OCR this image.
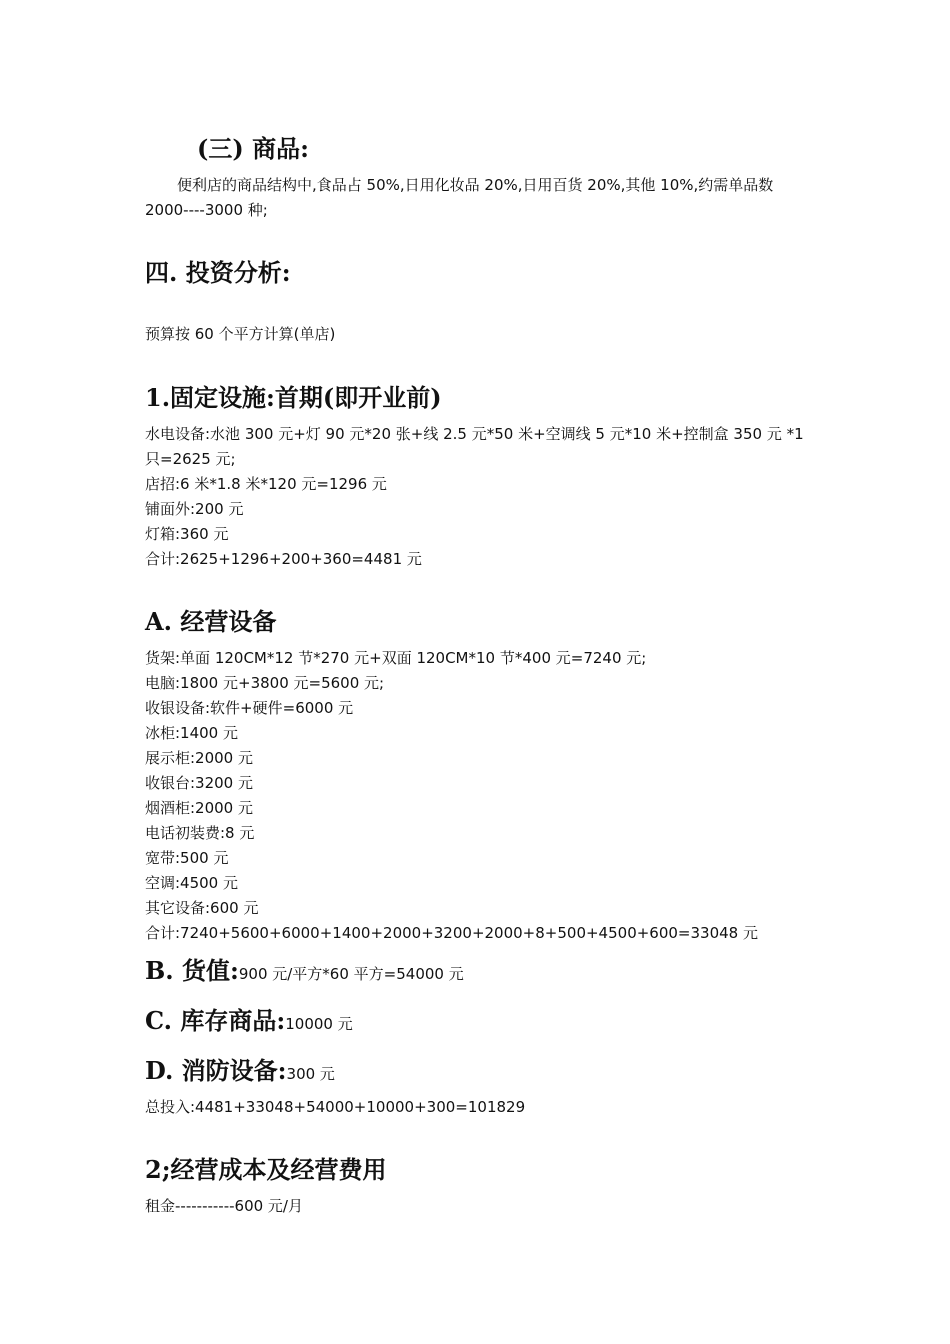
(三) 商品:

便利店的商品结构中,食品占 50%,日用化妆品 20%,日用百货 20%,其他 10%,约需单品数 2000----3000 种;

四. 投资分析:

预算按 60 个平方计算(单店)

1.固定设施:首期(即开业前)

水电设备:水池 300 元+灯 90 元*20 张+线 2.5 元*50 米+空调线 5 元*10 米+控制盒 350 元 *1 只=2625 元;

店招:6 米*1.8 米*120 元=1296 元

铺面外:200 元

灯箱:360 元

合计:2625+1296+200+360=4481 元

A. 经营设备
货架:单面 120CM*12 节*270 元+双面 120CM*10 节*400 元=7240 元;
电脑:1800 元+3800 元=5600 元;
收银设备:软件+硬件=6000 元
冰柜:1400 元
展示柜:2000 元
收银台:3200 元
烟酒柜:2000 元
电话初装费:8 元
宽带:500 元
空调:4500 元
其它设备:600 元
合计:7240+5600+6000+1400+2000+3200+2000+8+500+4500+600=33048 元
B. 货值:900 元/平方*60 平方=54000 元
C. 库存商品:10000 元
D. 消防设备:300 元

总投入:4481+33048+54000+10000+300=101829

2;经营成本及经营费用

租金-----------600 元/月
